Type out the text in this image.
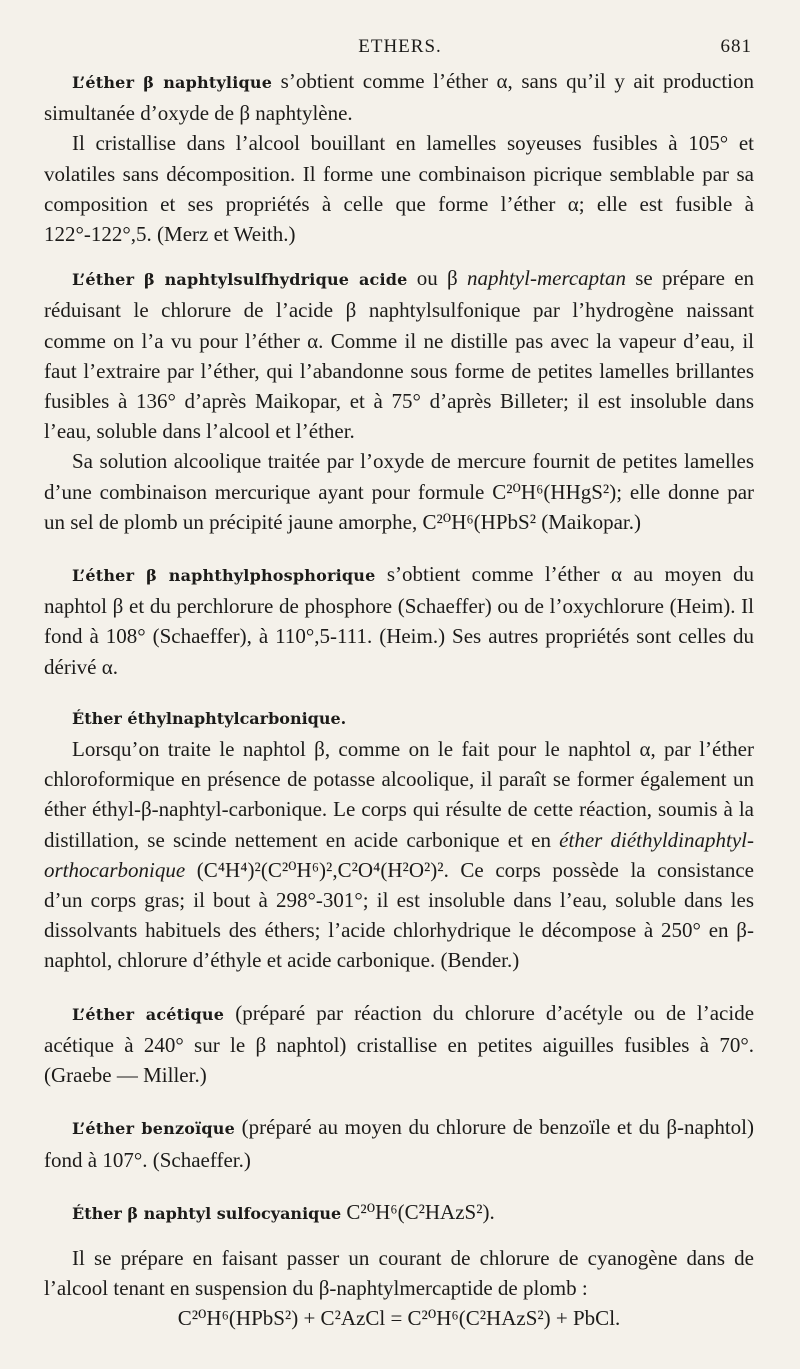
ETHERS.	681

L’éther β naphtylique s’obtient comme l’éther α, sans qu’il y ait production simultanée d’oxyde de β naphtylène.

Il cristallise dans l’alcool bouillant en lamelles soyeuses fusibles à 105° et volatiles sans décomposition. Il forme une combinaison picrique semblable par sa composition et ses propriétés à celle que forme l’éther α; elle est fusible à 122°-122°,5. (Merz et Weith.)

L’éther β naphtylsulfhydrique acide ou β naphtyl-mercaptan se prépare en réduisant le chlorure de l’acide β naphtylsulfonique par l’hydrogène naissant comme on l’a vu pour l’éther α. Comme il ne distille pas avec la vapeur d’eau, il faut l’extraire par l’éther, qui l’abandonne sous forme de petites lamelles brillantes fusibles à 136° d’après Maikopar, et à 75° d’après Billeter; il est insoluble dans l’eau, soluble dans l’alcool et l’éther.

Sa solution alcoolique traitée par l’oxyde de mercure fournit de petites lamelles d’une combinaison mercurique ayant pour formule C²⁰H⁶(HHgS²); elle donne par un sel de plomb un précipité jaune amorphe, C²⁰H⁶(HPbS² (Maikopar.)

L’éther β naphthylphosphorique s’obtient comme l’éther α au moyen du naphtol β et du perchlorure de phosphore (Schaeffer) ou de l’oxychlorure (Heim). Il fond à 108° (Schaeffer), à 110°,5-111. (Heim.) Ses autres propriétés sont celles du dérivé α.

Éther éthylnaphtylcarbonique.

Lorsqu’on traite le naphtol β, comme on le fait pour le naphtol α, par l’éther chloroformique en présence de potasse alcoolique, il paraît se former également un éther éthyl-β-naphtyl-carbonique. Le corps qui résulte de cette réaction, soumis à la distillation, se scinde nettement en acide carbonique et en éther diéthyldinaphtyl-orthocarbonique (C⁴H⁴)²(C²⁰H⁶)²,C²O⁴(H²O²)². Ce corps possède la consistance d’un corps gras; il bout à 298°-301°; il est insoluble dans l’eau, soluble dans les dissolvants habituels des éthers; l’acide chlorhydrique le décompose à 250° en β-naphtol, chlorure d’éthyle et acide carbonique. (Bender.)

L’éther acétique (préparé par réaction du chlorure d’acétyle ou de l’acide acétique à 240° sur le β naphtol) cristallise en petites aiguilles fusibles à 70°. (Graebe — Miller.)

L’éther benzoïque (préparé au moyen du chlorure de benzoïle et du β-naphtol) fond à 107°. (Schaeffer.)

Éther β naphtyl sulfocyanique C²⁰H⁶(C²HAzS²).

Il se prépare en faisant passer un courant de chlorure de cyanogène dans de l’alcool tenant en suspension du β-naphtylmercaptide de plomb :

C²⁰H⁶(HPbS²) + C²AzCl = C²⁰H⁶(C²HAzS²) + PbCl.
